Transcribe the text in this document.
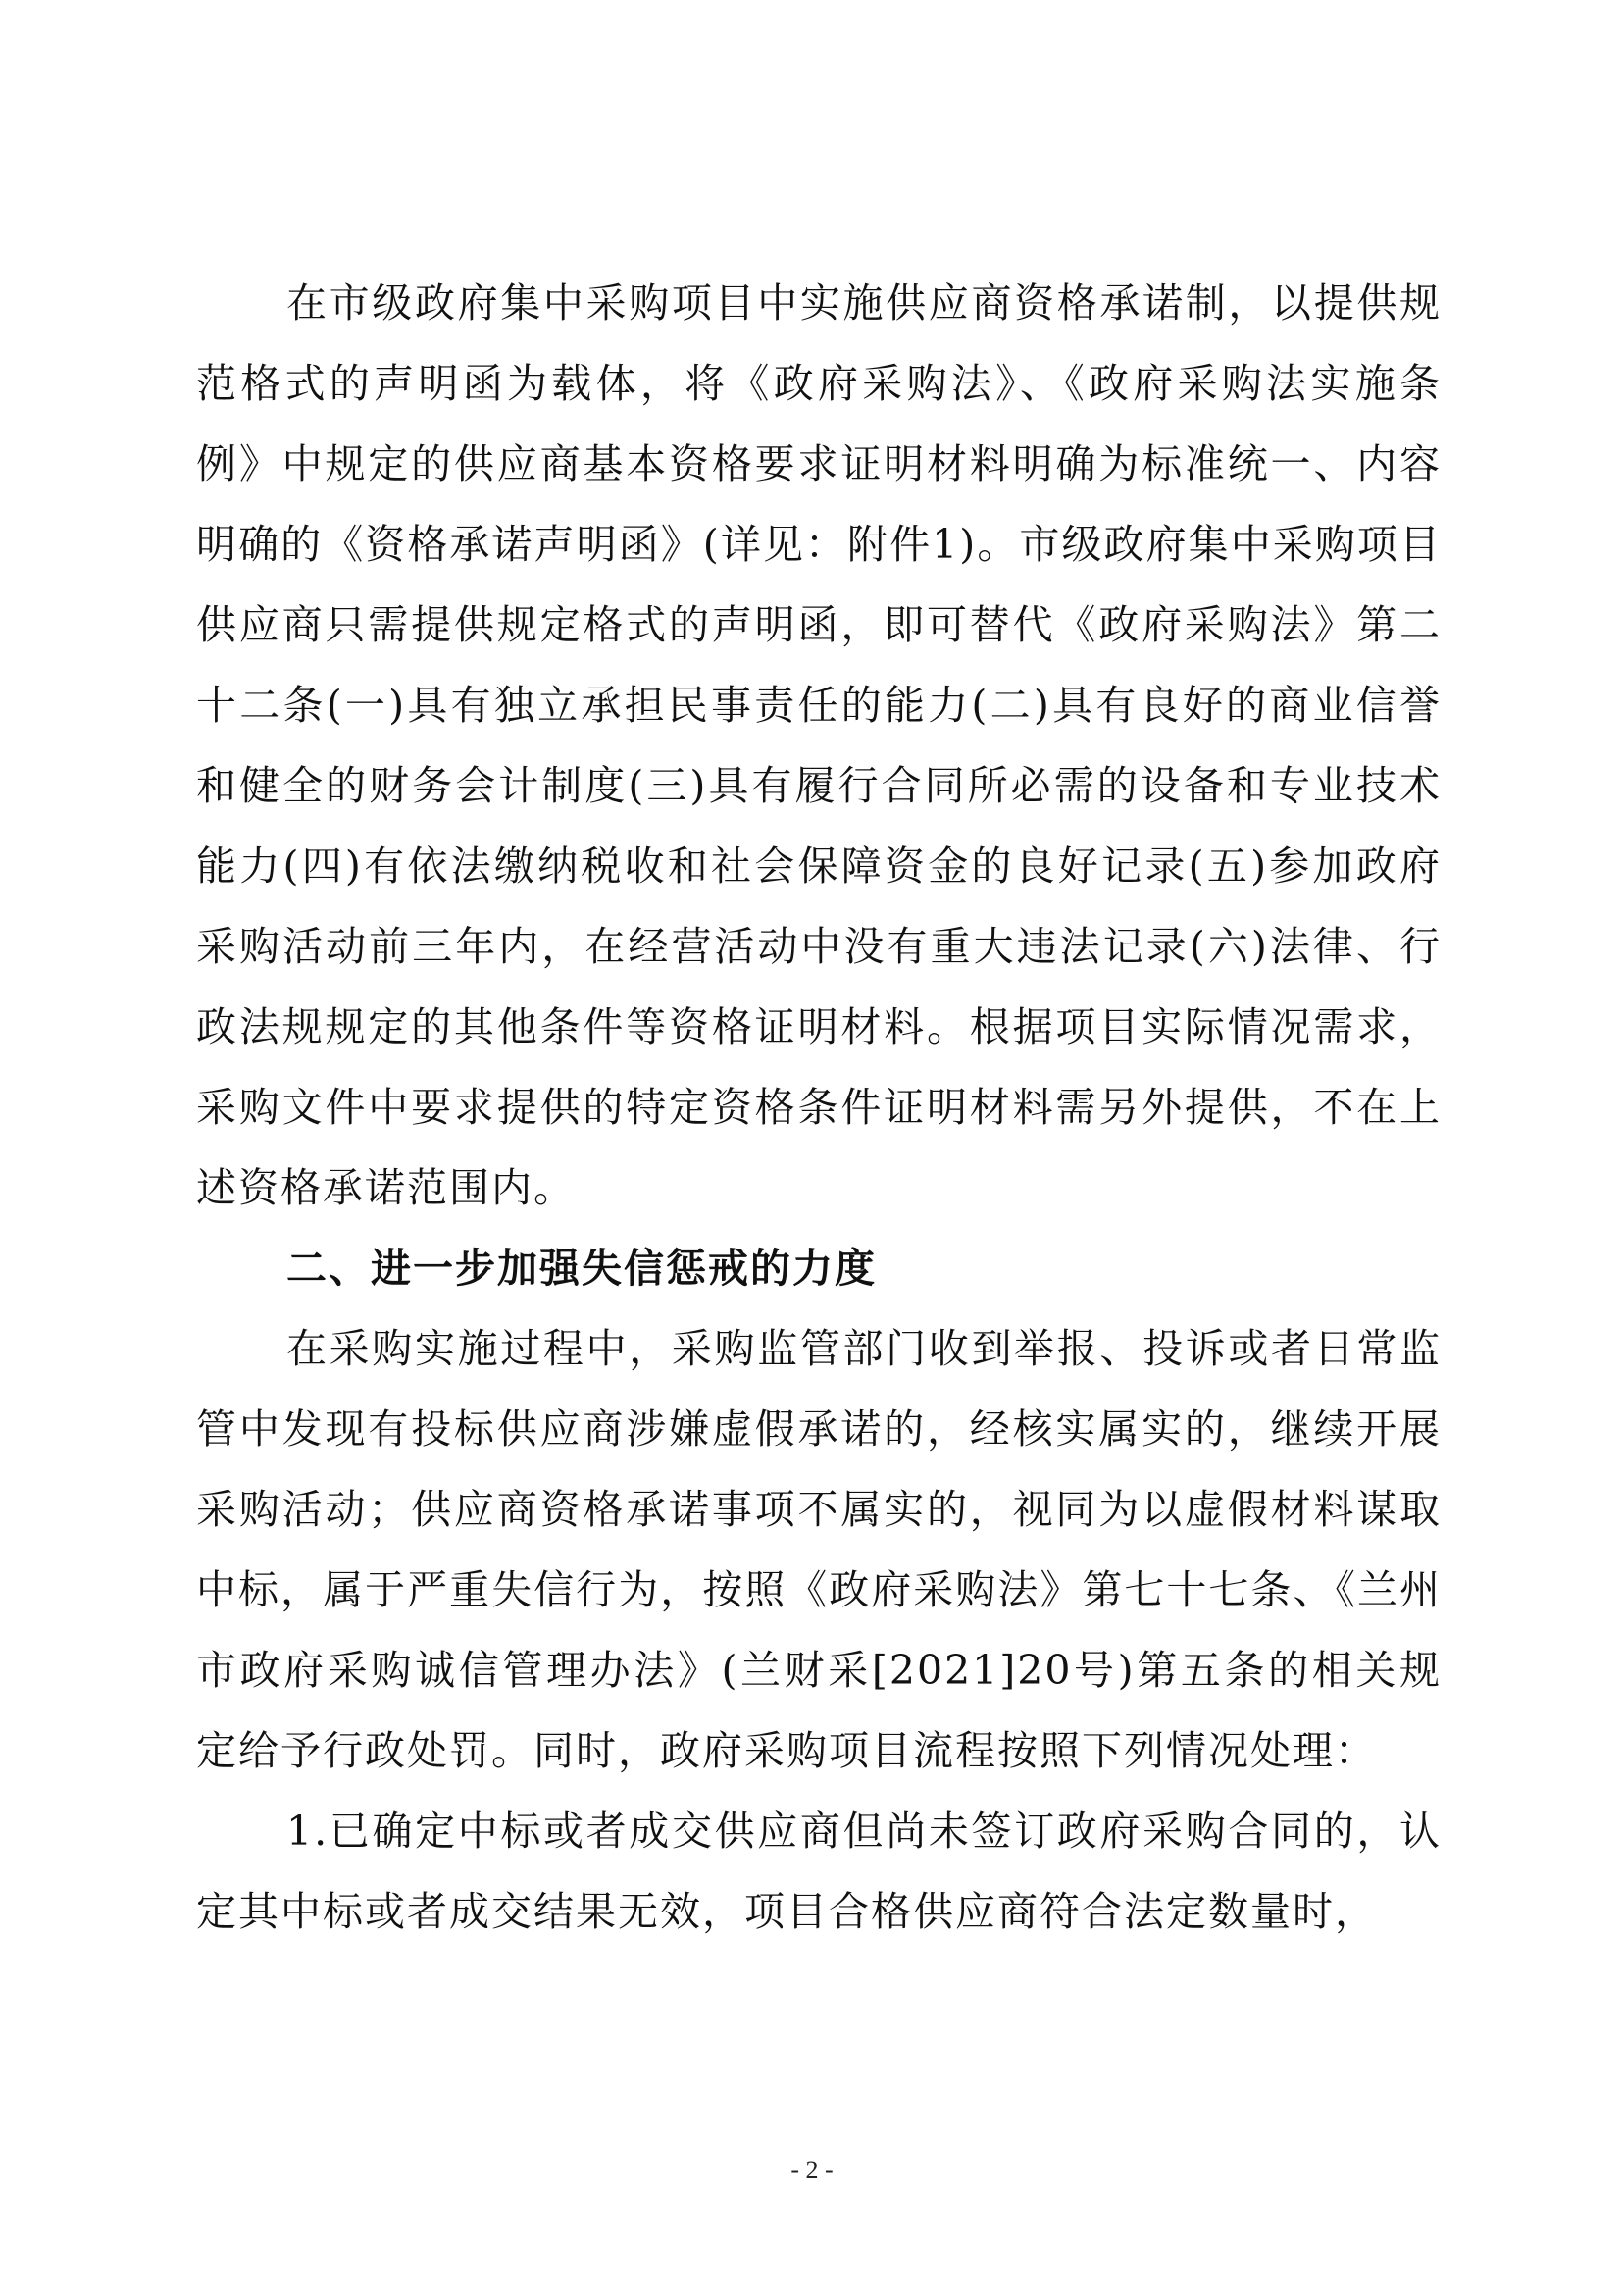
在市级政府集中采购项目中实施供应商资格承诺制，以提供规范格式的声明函为载体，将《政府采购法》、《政府采购法实施条例》中规定的供应商基本资格要求证明材料明确为标准统一、内容明确的《资格承诺声明函》(详见：附件1)。市级政府集中采购项目供应商只需提供规定格式的声明函，即可替代《政府采购法》第二十二条(一)具有独立承担民事责任的能力(二)具有良好的商业信誉和健全的财务会计制度(三)具有履行合同所必需的设备和专业技术能力(四)有依法缴纳税收和社会保障资金的良好记录(五)参加政府采购活动前三年内，在经营活动中没有重大违法记录(六)法律、行政法规规定的其他条件等资格证明材料。根据项目实际情况需求，采购文件中要求提供的特定资格条件证明材料需另外提供，不在上述资格承诺范围内。

二、进一步加强失信惩戒的力度

在采购实施过程中，采购监管部门收到举报、投诉或者日常监管中发现有投标供应商涉嫌虚假承诺的，经核实属实的，继续开展采购活动；供应商资格承诺事项不属实的，视同为以虚假材料谋取中标，属于严重失信行为，按照《政府采购法》第七十七条、《兰州市政府采购诚信管理办法》(兰财采[2021]20号)第五条的相关规定给予行政处罚。同时，政府采购项目流程按照下列情况处理：

1.已确定中标或者成交供应商但尚未签订政府采购合同的，认定其中标或者成交结果无效，项目合格供应商符合法定数量时，

- 2 -
